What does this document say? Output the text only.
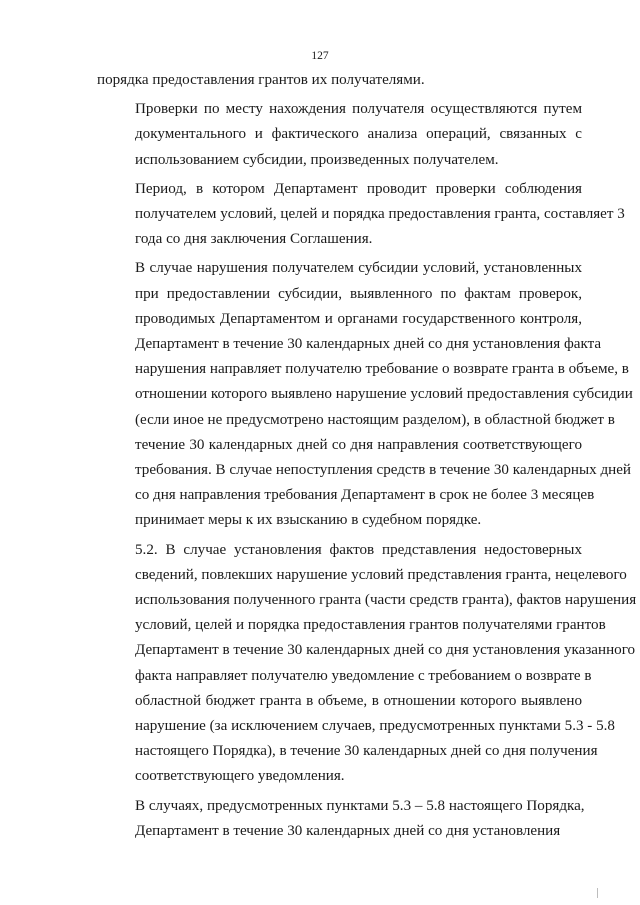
127

порядка предоставления грантов их получателями.

Проверки по месту нахождения получателя осуществляются путем
документального и фактического анализа операций, связанных с
использованием субсидии, произведенных получателем.

Период, в котором Департамент проводит проверки соблюдения
получателем условий, целей и порядка предоставления гранта, составляет 3
года со дня заключения Соглашения.

В случае нарушения получателем субсидии условий, установленных
при предоставлении субсидии, выявленного по фактам проверок,
проводимых Департаментом и органами государственного контроля,
Департамент в течение 30 календарных дней со дня установления факта
нарушения направляет получателю требование о возврате гранта в объеме, в
отношении которого выявлено нарушение условий предоставления субсидии
(если иное не предусмотрено настоящим разделом), в областной бюджет в
течение 30 календарных дней со дня направления соответствующего
требования. В случае непоступления средств в течение 30 календарных дней
со дня направления требования Департамент в срок не более 3 месяцев
принимает меры к их взысканию в судебном порядке.

5.2. В случае установления фактов представления недостоверных
сведений, повлекших нарушение условий представления гранта, нецелевого
использования полученного гранта (части средств гранта), фактов нарушения
условий, целей и порядка предоставления грантов получателями грантов
Департамент в течение 30 календарных дней со дня установления указанного
факта направляет получателю уведомление с требованием о возврате в
областной бюджет гранта в объеме, в отношении которого выявлено
нарушение (за исключением случаев, предусмотренных пунктами 5.3 - 5.8
настоящего Порядка), в течение 30 календарных дней со дня получения
соответствующего уведомления.

В случаях, предусмотренных пунктами 5.3 – 5.8 настоящего Порядка,
Департамент в течение 30 календарных дней со дня установления
